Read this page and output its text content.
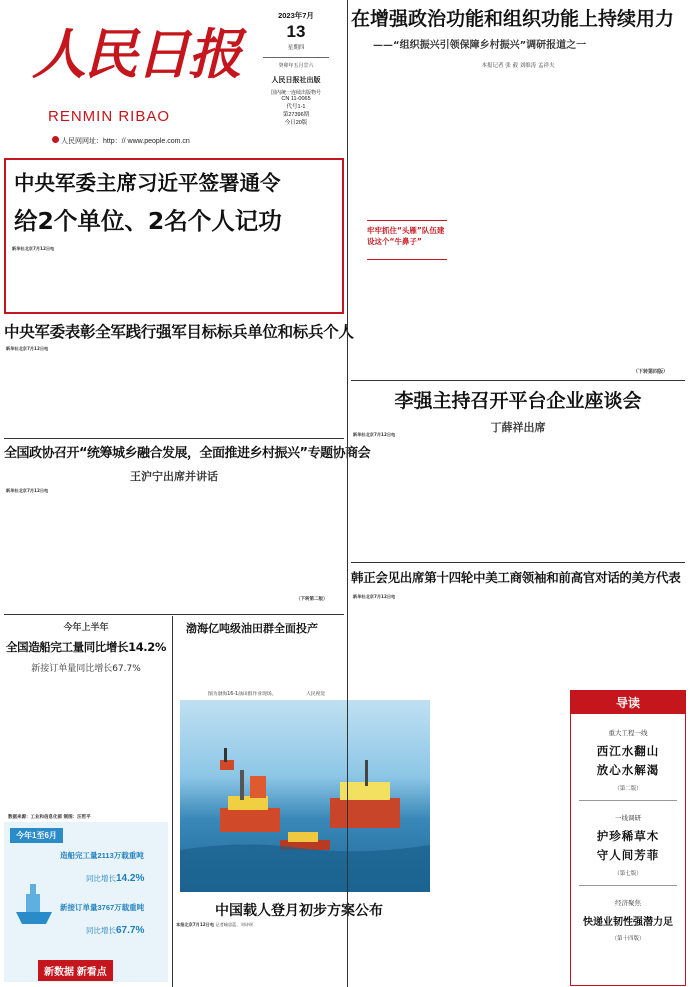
人民日报
RENMIN RIBAO
人民网网址：http：// www.people.com.cn
2023年7月
13
星期四
癸卯年五月廿六
人民日报社出版
国内统一连续出版物号
CN 11-0065
代号1-1
第27396期
今日20版
在增强政治功能和组织功能上持续用力
——“组织振兴引领保障乡村振兴”调研报道之一
本报记者 张 毅 刘维涛 孟祥夫
牢牢抓住“头雁”队伍建设这个“牛鼻子”
（下转第四版）
中央军委主席习近平签署通令
给2个单位、2名个人记功
新华社北京7月12日电
中央军委表彰全军践行强军目标标兵单位和标兵个人
新华社北京7月12日电
全国政协召开“统筹城乡融合发展，全面推进乡村振兴”专题协商会
王沪宁出席并讲话
新华社北京7月12日电
（下转第二版）
李强主持召开平台企业座谈会
丁薛祥出席
新华社北京7月12日电
韩正会见出席第十四轮中美工商领袖和前高官对话的美方代表
新华社北京7月12日电
今年上半年
全国造船完工量同比增长14.2%
新接订单量同比增长67.7%
数据来源：工业和信息化部 制图：汪哲平
今年1至6月
造船完工量2113万载重吨
同比增长14.2%
新接订单量3767万载重吨
同比增长67.7%
新数据 新看点
渤海亿吨级油田群全面投产
图为渤海16-1油田群作业现场。	人民视觉
中国载人登月初步方案公布
本报北京7月12日电 记者喻思蓝、刘诗瑶
导读
重大工程一线
西江水翻山
放心水解渴
（第二版）
一线调研
护珍稀草木
守人间芳菲
（第七版）
经济聚焦
快递业韧性强潜力足
（第十四版）
